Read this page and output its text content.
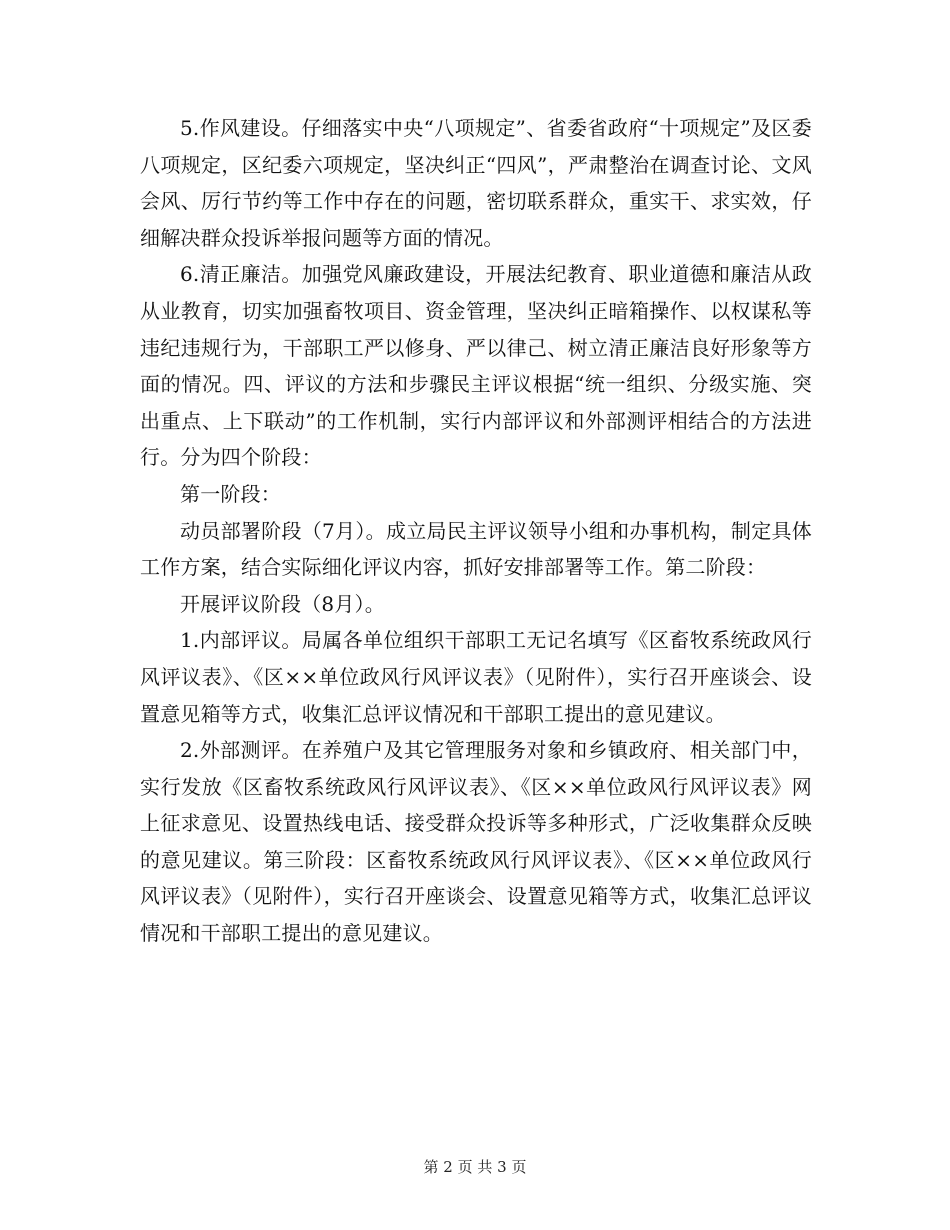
5.作风建设。仔细落实中央“八项规定”、省委省政府“十项规定”及区委八项规定，区纪委六项规定，坚决纠正“四风”，严肃整治在调查讨论、文风会风、厉行节约等工作中存在的问题，密切联系群众，重实干、求实效，仔细解决群众投诉举报问题等方面的情况。

6.清正廉洁。加强党风廉政建设，开展法纪教育、职业道德和廉洁从政从业教育，切实加强畜牧项目、资金管理，坚决纠正暗箱操作、以权谋私等违纪违规行为，干部职工严以修身、严以律己、树立清正廉洁良好形象等方面的情况。四、评议的方法和步骤民主评议根据“统一组织、分级实施、突出重点、上下联动”的工作机制，实行内部评议和外部测评相结合的方法进行。分为四个阶段：

第一阶段：

动员部署阶段（7月）。成立局民主评议领导小组和办事机构，制定具体工作方案，结合实际细化评议内容，抓好安排部署等工作。第二阶段：

开展评议阶段（8月）。

1.内部评议。局属各单位组织干部职工无记名填写《区畜牧系统政风行风评议表》、《区××单位政风行风评议表》（见附件），实行召开座谈会、设置意见箱等方式，收集汇总评议情况和干部职工提出的意见建议。

2.外部测评。在养殖户及其它管理服务对象和乡镇政府、相关部门中，实行发放《区畜牧系统政风行风评议表》、《区××单位政风行风评议表》网上征求意见、设置热线电话、接受群众投诉等多种形式，广泛收集群众反映的意见建议。第三阶段：区畜牧系统政风行风评议表》、《区××单位政风行风评议表》（见附件），实行召开座谈会、设置意见箱等方式，收集汇总评议情况和干部职工提出的意见建议。

第 2 页 共 3 页
